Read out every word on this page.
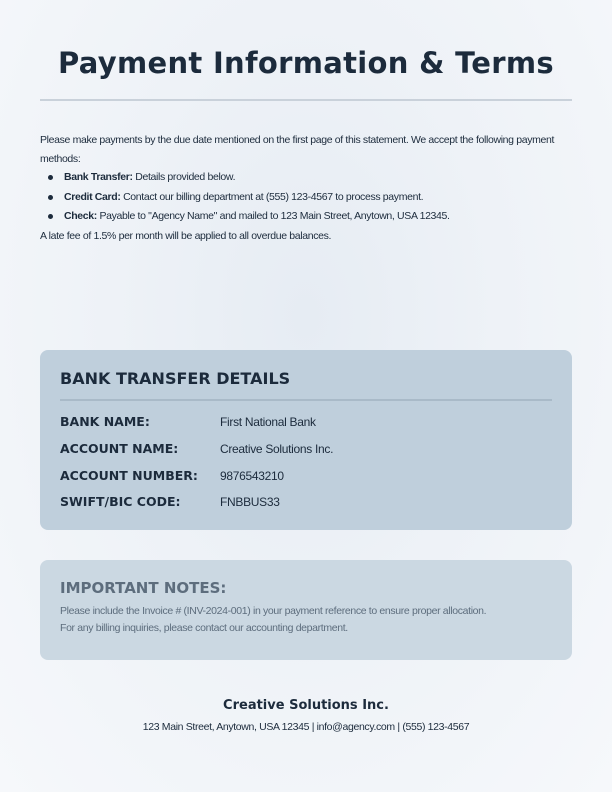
Payment Information & Terms

Please make payments by the due date mentioned on the first page of this statement. We accept the following payment methods:

Bank Transfer: Details provided below.
Credit Card: Contact our billing department at (555) 123-4567 to process payment.
Check: Payable to "Agency Name" and mailed to 123 Main Street, Anytown, USA 12345.

A late fee of 1.5% per month will be applied to all overdue balances.

BANK TRANSFER DETAILS
BANK NAME:	First National Bank
ACCOUNT NAME:	Creative Solutions Inc.
ACCOUNT NUMBER: 9876543210
SWIFT/BIC CODE:	FNBBUS33
IMPORTANT NOTES:
Please include the Invoice # (INV-2024-001) in your payment reference to ensure proper allocation.
For any billing inquiries, please contact our accounting department.
Creative Solutions Inc.
123 Main Street, Anytown, USA 12345 | info@agency.com | (555) 123-4567
